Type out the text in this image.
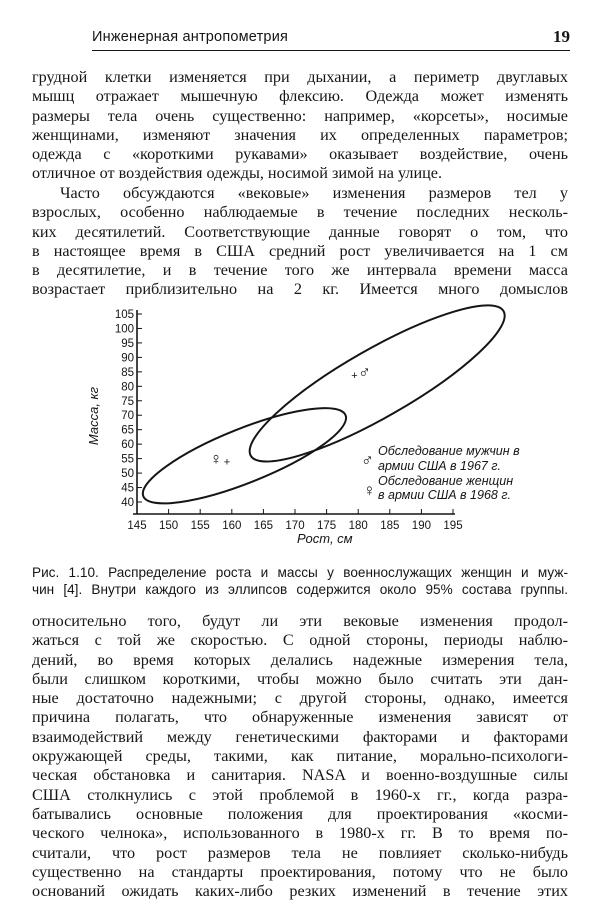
Инженерная антропометрия	19
грудной клетки изменяется при дыхании, а периметр двуглавых
мышц отражает мышечную флексию. Одежда может изменять
размеры тела очень существенно: например, «корсеты», носимые
женщинами, изменяют значения их определенных параметров;
одежда с «короткими рукавами» оказывает воздействие, очень
отличное от воздействия одежды, носимой зимой на улице.
Часто обсуждаются «вековые» изменения размеров тел у
взрослых, особенно наблюдаемые в течение последних несколь-
ких десятилетий. Соответствующие данные говорят о том, что
в настоящее время в США средний рост увеличивается на 1 см
в десятилетие, и в течение того же интервала времени масса
возрастает приблизительно на 2 кг. Имеется много домыслов
40
45
50
55
60
65
70
75
80
85
90
95
100
105
145 150 155 160 165 170 175 180 185 190 195
♀ +
♂
+
Масса, кг
Рост, см
♂ Обследование мужчин в
армии США в 1967 г.
♀ Обследование женщин
в армии США в 1968 г.
Рис. 1.10. Распределение роста и массы у военнослужащих женщин и муж-
чин [4]. Внутри каждого из эллипсов содержится около 95% состава группы.
относительно того, будут ли эти вековые изменения продол-
жаться с той же скоростью. С одной стороны, периоды наблю-
дений, во время которых делались надежные измерения тела,
были слишком короткими, чтобы можно было считать эти дан-
ные достаточно надежными; с другой стороны, однако, имеется
причина полагать, что обнаруженные изменения зависят от
взаимодействий между генетическими факторами и факторами
окружающей среды, такими, как питание, морально-психологи-
ческая обстановка и санитария. NASA и военно-воздушные силы
США столкнулись с этой проблемой в 1960-х гг., когда разра-
батывались основные положения для проектирования «косми-
ческого челнока», использованного в 1980-х гг. В то время по-
считали, что рост размеров тела не повлияет сколько-нибудь
существенно на стандарты проектирования, потому что не было
оснований ожидать каких-либо резких изменений в течение этих
